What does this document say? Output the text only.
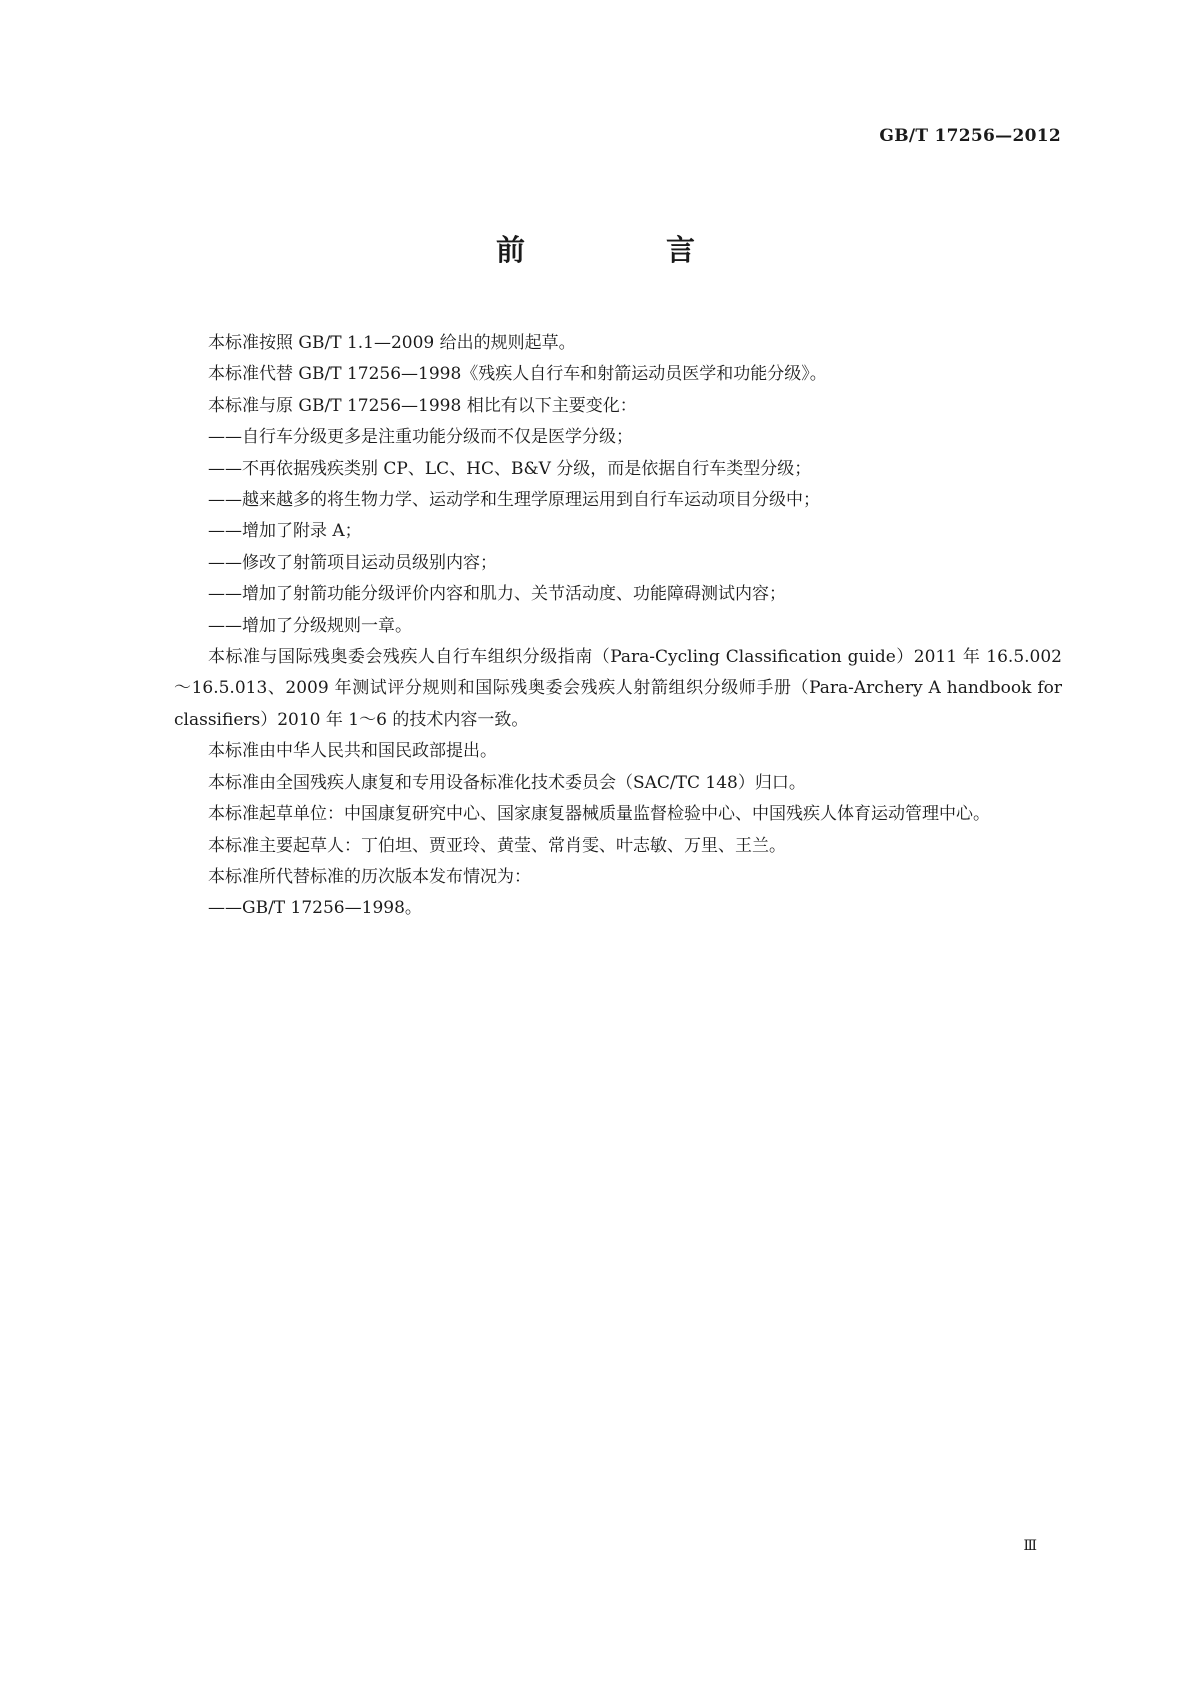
GB/T 17256—2012
前　言

本标准按照 GB/T 1.1—2009 给出的规则起草。

本标准代替 GB/T 17256—1998《残疾人自行车和射箭运动员医学和功能分级》。

本标准与原 GB/T 17256—1998 相比有以下主要变化：

——自行车分级更多是注重功能分级而不仅是医学分级；

——不再依据残疾类别 CP、LC、HC、B&V 分级，而是依据自行车类型分级；

——越来越多的将生物力学、运动学和生理学原理运用到自行车运动项目分级中；

——增加了附录 A；

——修改了射箭项目运动员级别内容；

——增加了射箭功能分级评价内容和肌力、关节活动度、功能障碍测试内容；

——增加了分级规则一章。

本标准与国际残奥委会残疾人自行车组织分级指南（Para-Cycling Classification guide）2011 年 16.5.002～16.5.013、2009 年测试评分规则和国际残奥委会残疾人射箭组织分级师手册（Para-Archery A handbook for classifiers）2010 年 1～6 的技术内容一致。

本标准由中华人民共和国民政部提出。

本标准由全国残疾人康复和专用设备标准化技术委员会（SAC/TC 148）归口。

本标准起草单位：中国康复研究中心、国家康复器械质量监督检验中心、中国残疾人体育运动管理中心。

本标准主要起草人：丁伯坦、贾亚玲、黄莹、常肖雯、叶志敏、万里、王兰。

本标准所代替标准的历次版本发布情况为：

——GB/T 17256—1998。

Ⅲ
